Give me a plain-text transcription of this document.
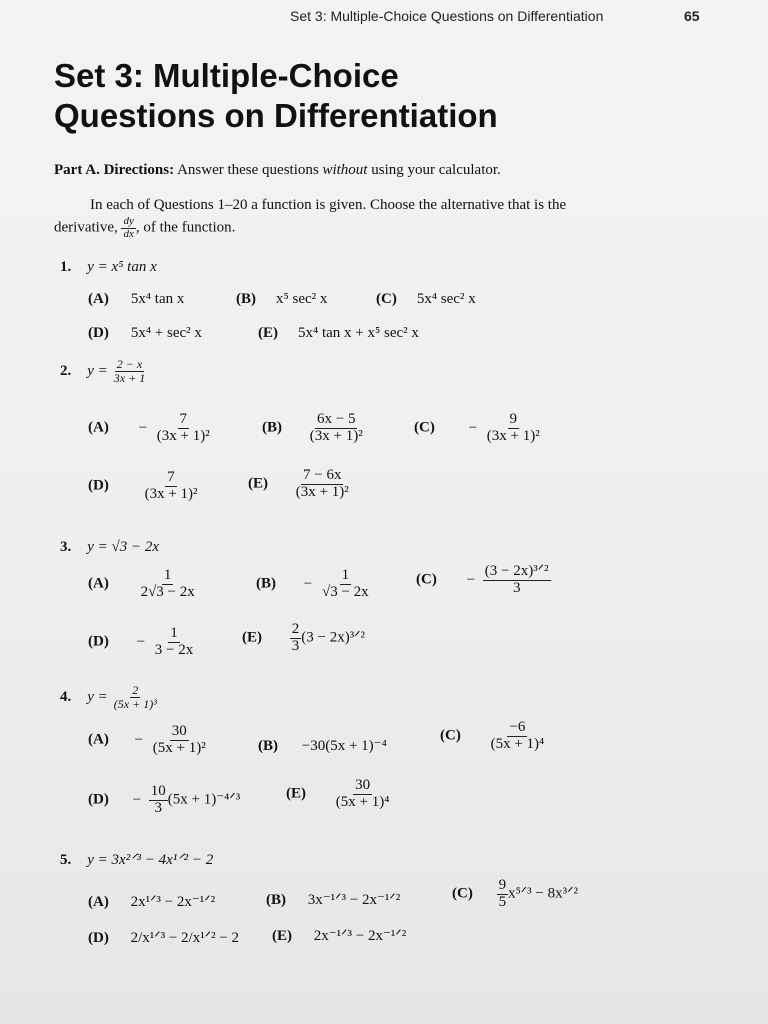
Set 3: Multiple-Choice Questions on Differentiation	65
Set 3: Multiple-Choice
Questions on Differentiation
Part A. Directions: Answer these questions without using your calculator.
In each of Questions 1–20 a function is given. Choose the alternative that is the
derivative, $\frac{dy}{dx}$ , of the function.
1. y = x⁵ tan x
(A) 5x⁴ tan x	(B) x⁵ sec² x	(C) 5x⁴ sec² x
(D) 5x⁴ + sec² x	(E) 5x⁴ tan x + x⁵ sec² x
2. $y = \frac{2 - x}{3x + 1}$
$(A) - \frac{7}{\text{(3x + 1)²}}$	$(B) \frac{6x - 5}{\text{(3x + 1)²}}$	$(C) - \frac{9}{\text{(3x + 1)²}}$
$(D) \frac{7}{\text{(3x + 1)²}}$	$(E) \frac{7 - 6x}{\text{(3x + 1)²}}$
3. y = √3 − 2x
$(A) \frac{1}{2√3 - 2x}$	$(B) - \frac{1}{√3 - 2x}$	$(C) - \frac{\text{(3 − 2x)³ᐟ²}}{3}$
$(D) - \frac{1}{3 - 2x}$	$(E) \frac{2}{3} (3$ − 2x)³ᐟ²
4. $y = \frac{2}{\text{(5x + 1)³}}$
$(A) - \frac{30}{\text{(5x + 1)²}}$	(B) −30(5x + 1)⁻⁴
$(C) \frac{-6}{\text{(5x + 1)⁴}}$
$(D) - \frac{10}{3} (5x$ + 1)⁻⁴ᐟ³	$(E) \frac{30}{\text{(5x + 1)⁴}}$
5. y = 3x²ᐟ³ − 4x¹ᐟ² − 2
(A) 2x¹ᐟ³ − 2x⁻¹ᐟ²	(B) 3x⁻¹ᐟ³ − 2x⁻¹ᐟ²	$(C) \frac{9}{5}$ x⁵ᐟ³ − 8x³ᐟ²
(D) 2/x¹ᐟ³ − 2/x¹ᐟ² − 2 (E) 2x⁻¹ᐟ³ − 2x⁻¹ᐟ²
